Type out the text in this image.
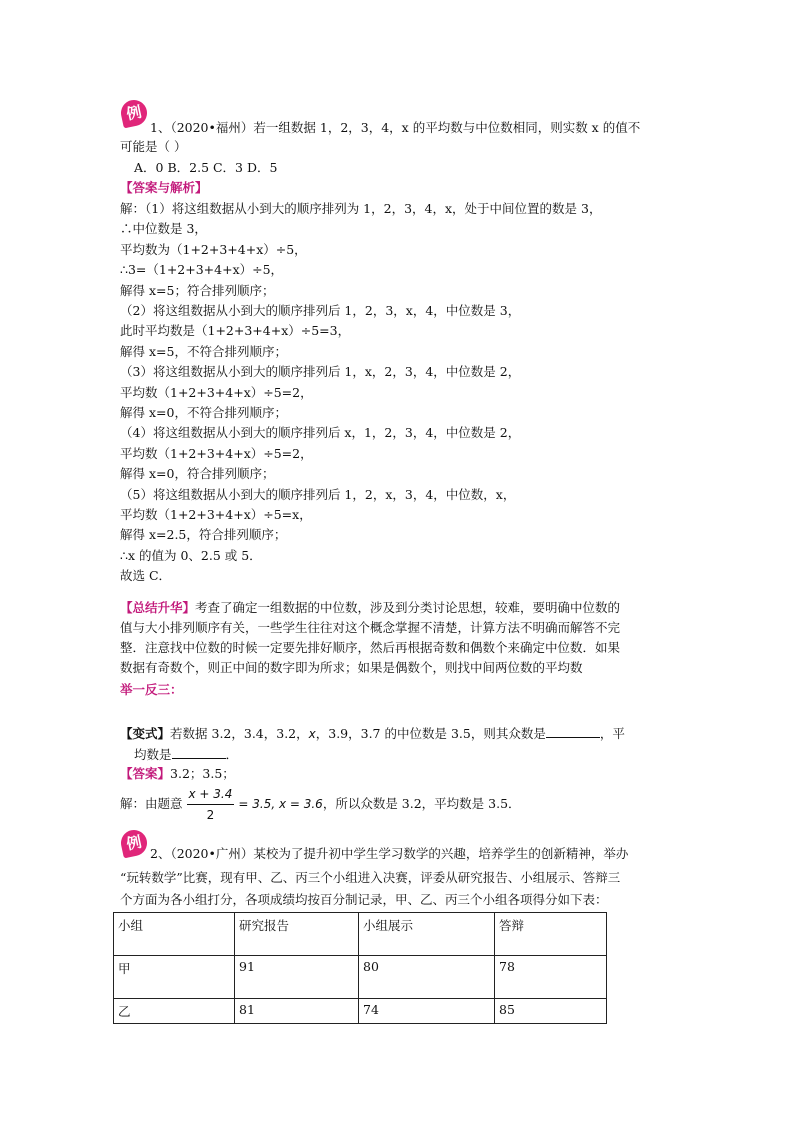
例
1、（2020•福州）若一组数据 1，2，3，4，x 的平均数与中位数相同，则实数 x 的值不
可能是（ ）
A．0 B．2.5 C．3 D．5
【答案与解析】
解：（1）将这组数据从小到大的顺序排列为 1，2，3，4，x，处于中间位置的数是 3，
∴中位数是 3，
平均数为（1+2+3+4+x）÷5，
∴3=（1+2+3+4+x）÷5，
解得 x=5；符合排列顺序；
（2）将这组数据从小到大的顺序排列后 1，2，3，x，4，中位数是 3，
此时平均数是（1+2+3+4+x）÷5=3，
解得 x=5，不符合排列顺序；
（3）将这组数据从小到大的顺序排列后 1，x，2，3，4，中位数是 2，
平均数（1+2+3+4+x）÷5=2，
解得 x=0，不符合排列顺序；
（4）将这组数据从小到大的顺序排列后 x，1，2，3，4，中位数是 2，
平均数（1+2+3+4+x）÷5=2，
解得 x=0，符合排列顺序；
（5）将这组数据从小到大的顺序排列后 1，2，x，3，4，中位数，x，
平均数（1+2+3+4+x）÷5=x，
解得 x=2.5，符合排列顺序；
∴x 的值为 0、2.5 或 5．
故选 C．
【总结升华】考查了确定一组数据的中位数，涉及到分类讨论思想，较难，要明确中位数的
值与大小排列顺序有关，一些学生往往对这个概念掌握不清楚，计算方法不明确而解答不完
整．注意找中位数的时候一定要先排好顺序，然后再根据奇数和偶数个来确定中位数．如果
数据有奇数个，则正中间的数字即为所求；如果是偶数个，则找中间两位数的平均数
举一反三：
【变式】若数据 3.2，3.4，3.2，x，3.9，3.7 的中位数是 3.5，则其众数是	，平
均数是	．
【答案】3.2；3.5；
解：由题意 $\frac{x + 3.4}{2} = 3.5$, x = 3.6，所以众数是 3.2，平均数是 3.5．
例
2、（2020•广州）某校为了提升初中学生学习数学的兴趣，培养学生的创新精神，举办
“玩转数学”比赛，现有甲、乙、丙三个小组进入决赛，评委从研究报告、小组展示、答辩三
个方面为各小组打分，各项成绩均按百分制记录，甲、乙、丙三个小组各项得分如下表：
小组	研究报告	小组展示	答辩
甲	91	80	78
乙	81	74	85
